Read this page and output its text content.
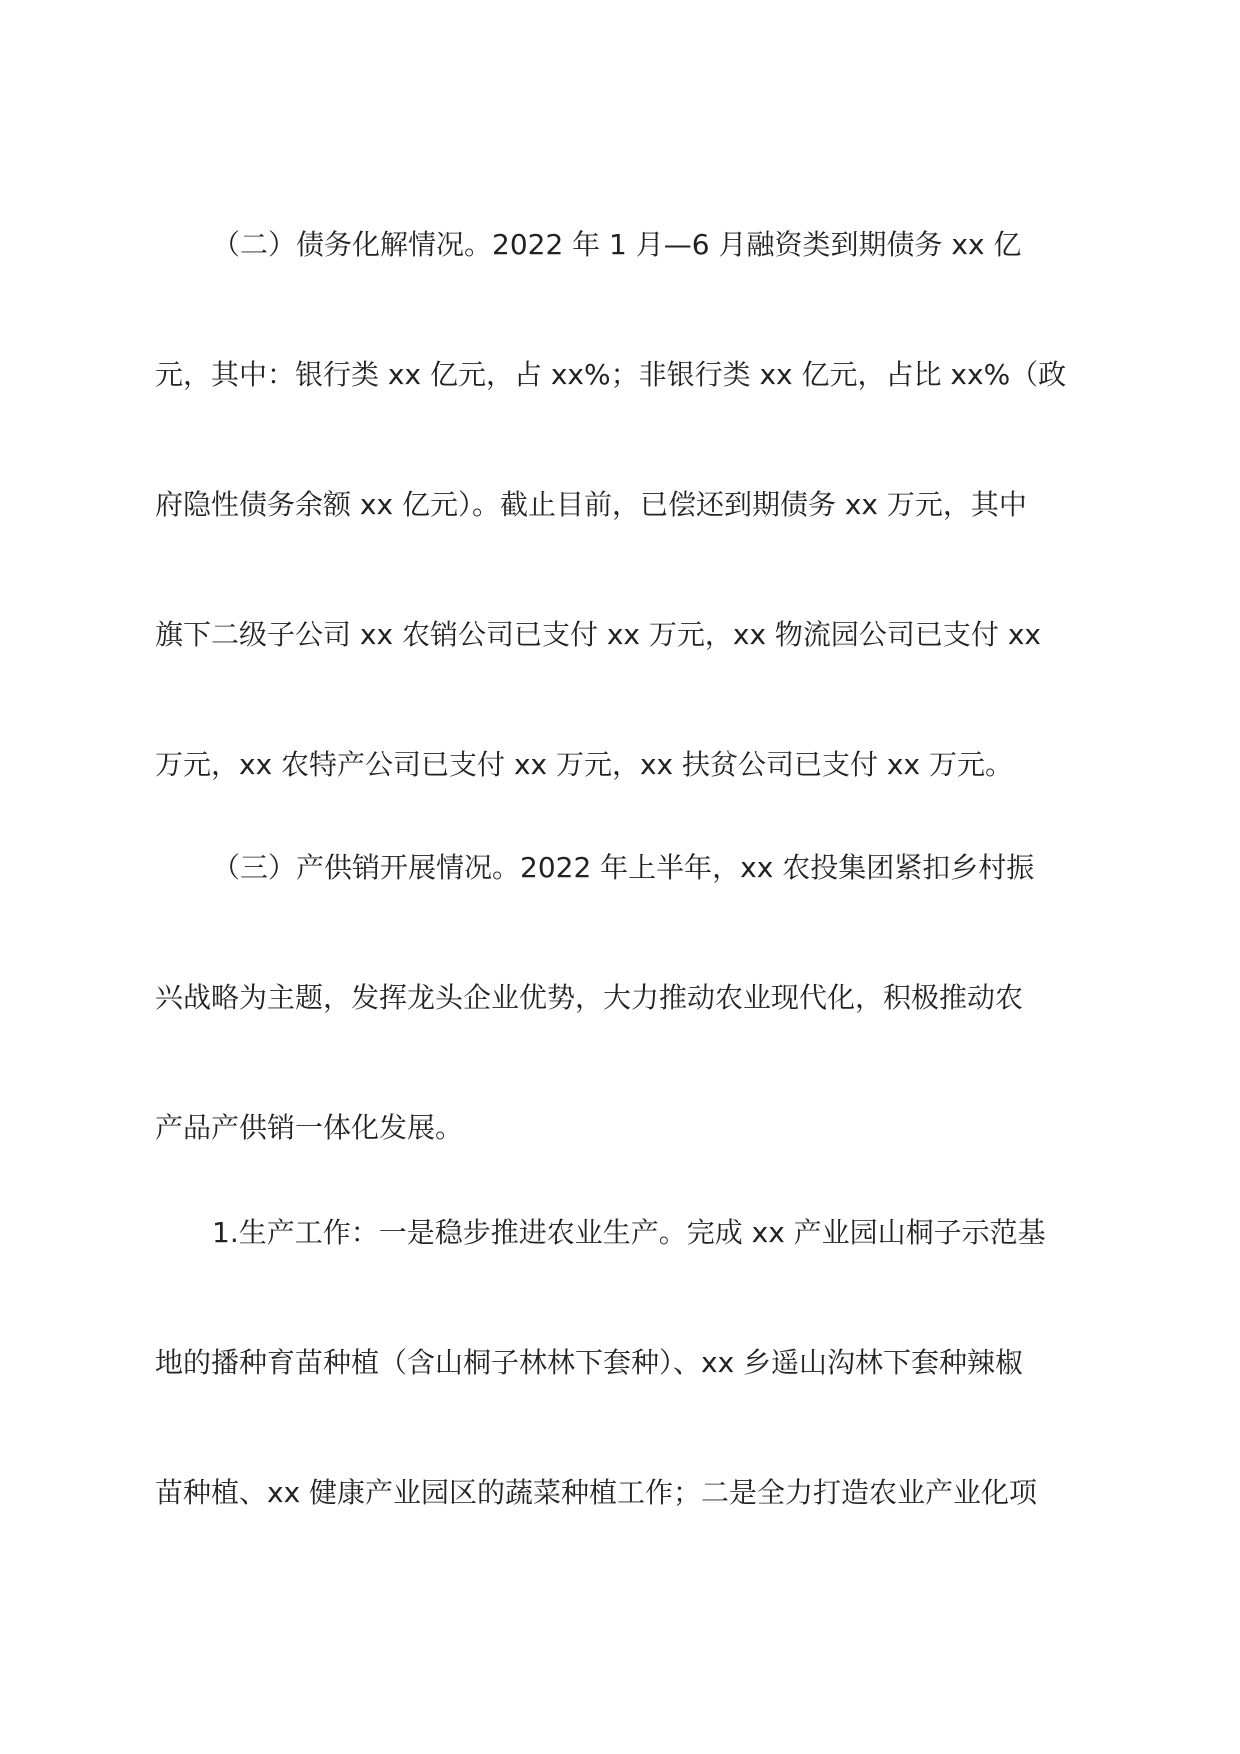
（二）债务化解情况。2022 年 1 月—6 月融资类到期债务 xx 亿
元，其中：银行类 xx 亿元，占 xx%；非银行类 xx 亿元，占比 xx%（政
府隐性债务余额 xx 亿元）。截止目前，已偿还到期债务 xx 万元，其中
旗下二级子公司 xx 农销公司已支付 xx 万元，xx 物流园公司已支付 xx
万元，xx 农特产公司已支付 xx 万元，xx 扶贫公司已支付 xx 万元。
（三）产供销开展情况。2022 年上半年，xx 农投集团紧扣乡村振
兴战略为主题，发挥龙头企业优势，大力推动农业现代化，积极推动农
产品产供销一体化发展。
1.生产工作：一是稳步推进农业生产。完成 xx 产业园山桐子示范基
地的播种育苗种植（含山桐子林林下套种）、xx 乡遥山沟林下套种辣椒
苗种植、xx 健康产业园区的蔬菜种植工作；二是全力打造农业产业化项
